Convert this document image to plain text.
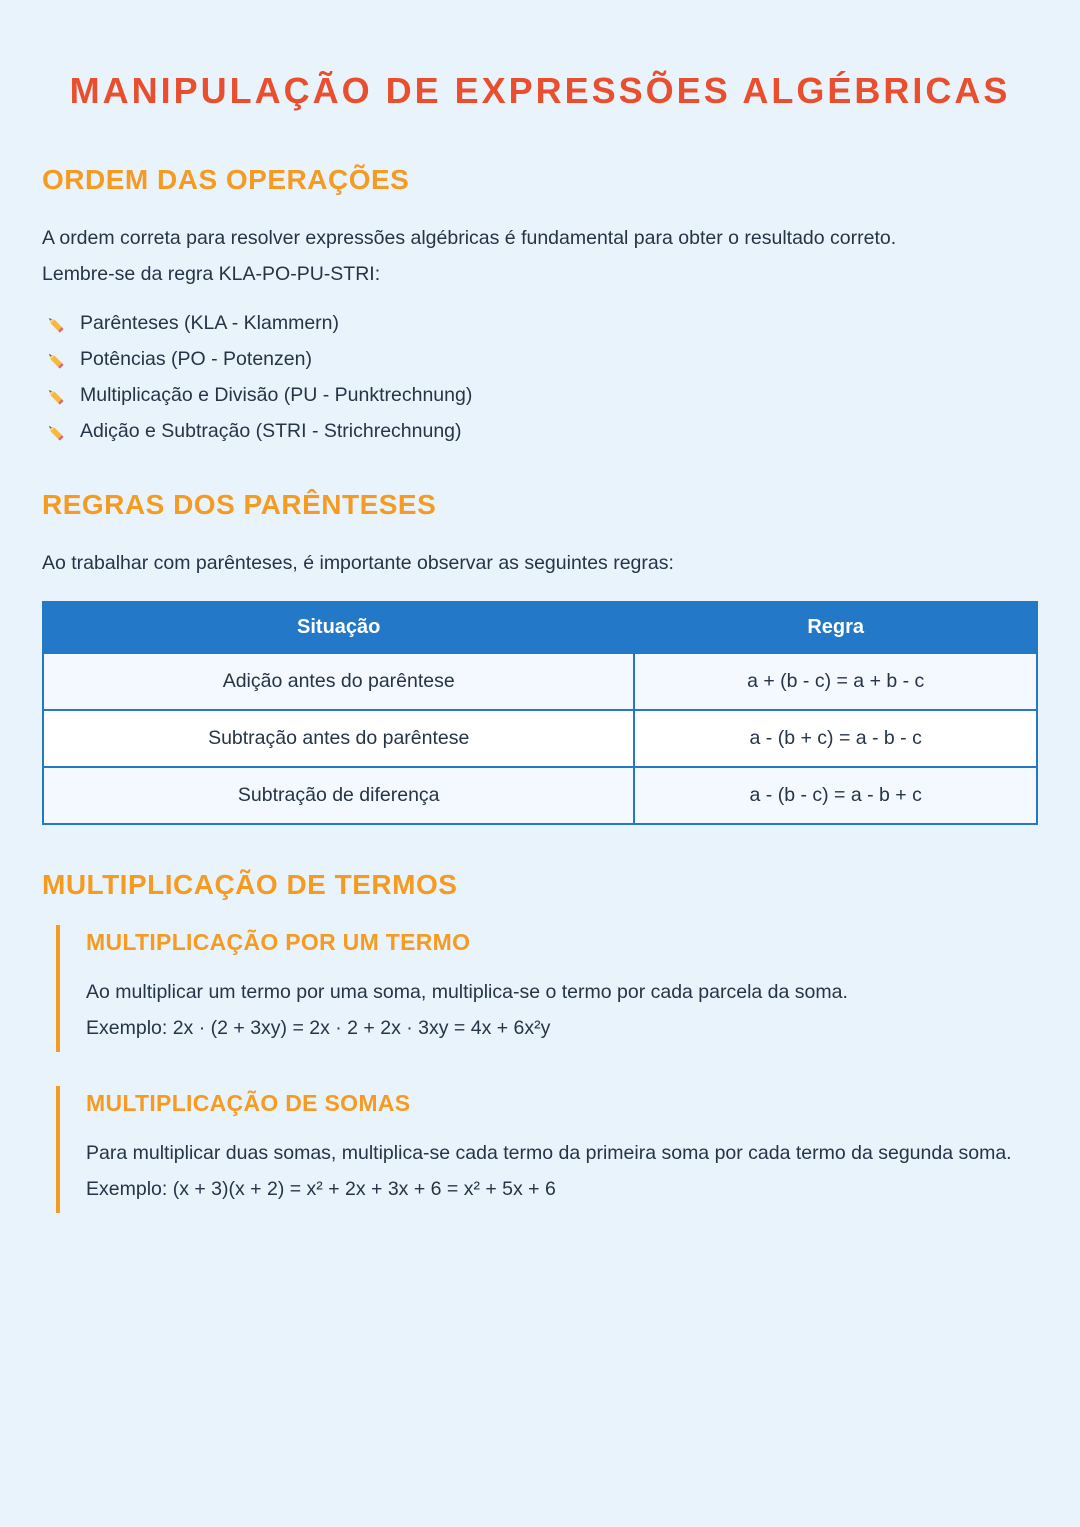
MANIPULAÇÃO DE EXPRESSÕES ALGÉBRICAS
ORDEM DAS OPERAÇÕES

A ordem correta para resolver expressões algébricas é fundamental para obter o resultado correto.
Lembre-se da regra KLA-PO-PU-STRI:

Parênteses (KLA - Klammern)
Potências (PO - Potenzen)
Multiplicação e Divisão (PU - Punktrechnung)
Adição e Subtração (STRI - Strichrechnung)
REGRAS DOS PARÊNTESES

Ao trabalhar com parênteses, é importante observar as seguintes regras:

Situação	Regra
Adição antes do parêntese	a + (b - c) = a + b - c
Subtração antes do parêntese	a - (b + c) = a - b - c
Subtração de diferença	a - (b - c) = a - b + c
MULTIPLICAÇÃO DE TERMOS
MULTIPLICAÇÃO POR UM TERMO

Ao multiplicar um termo por uma soma, multiplica-se o termo por cada parcela da soma.
Exemplo: 2x · (2 + 3xy) = 2x · 2 + 2x · 3xy = 4x + 6x²y

MULTIPLICAÇÃO DE SOMAS

Para multiplicar duas somas, multiplica-se cada termo da primeira soma por cada termo da segunda soma.
Exemplo: (x + 3)(x + 2) = x² + 2x + 3x + 6 = x² + 5x + 6
